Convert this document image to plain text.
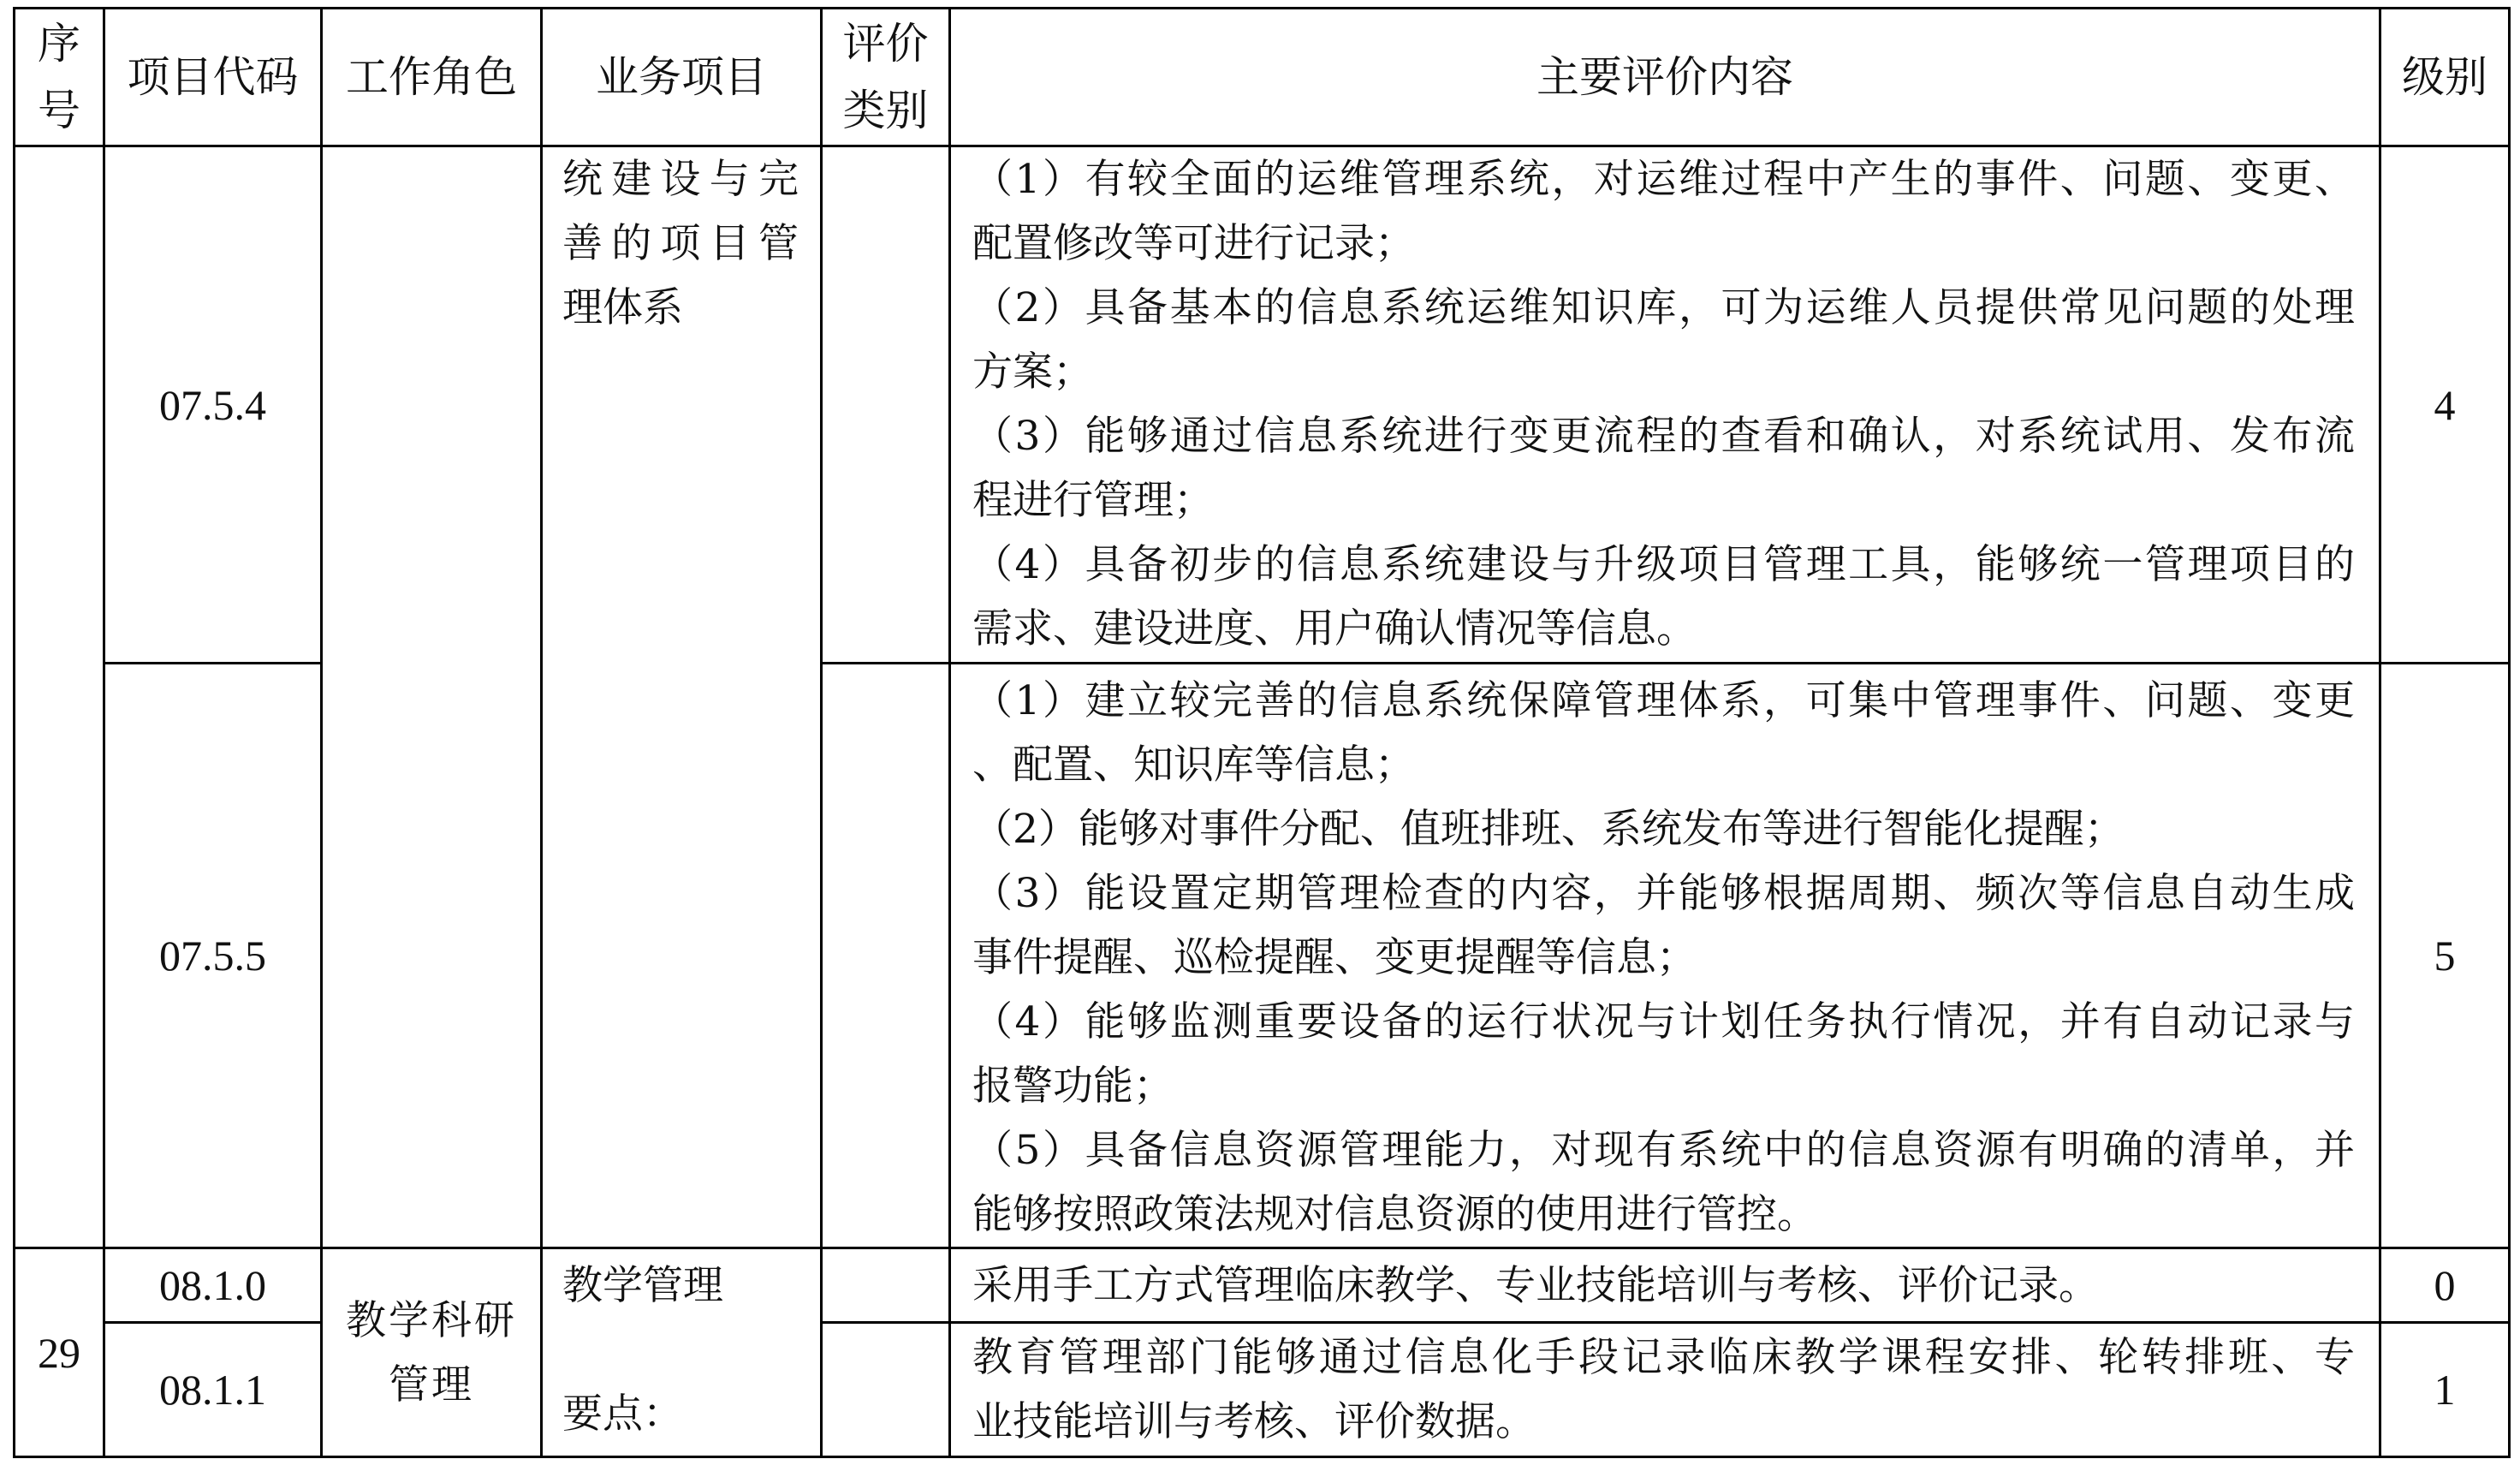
序号
项目代码 工作角色 业务项目
评价类别
主要评价内容	级别
07.5.4
07.5.5
统建设与完善的项目管理体系
（1）有较全面的运维管理系统，对运维过程中产生的事件、问题、变更、
配置修改等可进行记录；
（2）具备基本的信息系统运维知识库，可为运维人员提供常见问题的处理
方案；
（3）能够通过信息系统进行变更流程的查看和确认，对系统试用、发布流
程进行管理；
（4）具备初步的信息系统建设与升级项目管理工具，能够统一管理项目的
需求、建设进度、用户确认情况等信息。
（1）建立较完善的信息系统保障管理体系，可集中管理事件、问题、变更
、配置、知识库等信息；
（2）能够对事件分配、值班排班、系统发布等进行智能化提醒；
（3）能设置定期管理检查的内容，并能够根据周期、频次等信息自动生成
事件提醒、巡检提醒、变更提醒等信息；
（4）能够监测重要设备的运行状况与计划任务执行情况，并有自动记录与
报警功能；
（5）具备信息资源管理能力，对现有系统中的信息资源有明确的清单，并
能够按照政策法规对信息资源的使用进行管控。
4
5
29
08.1.0
08.1.1
教学科研管理
教学管理
要点：
采用手工方式管理临床教学、专业技能培训与考核、评价记录。
教育管理部门能够通过信息化手段记录临床教学课程安排、轮转排班、专
业技能培训与考核、评价数据。
0
1
